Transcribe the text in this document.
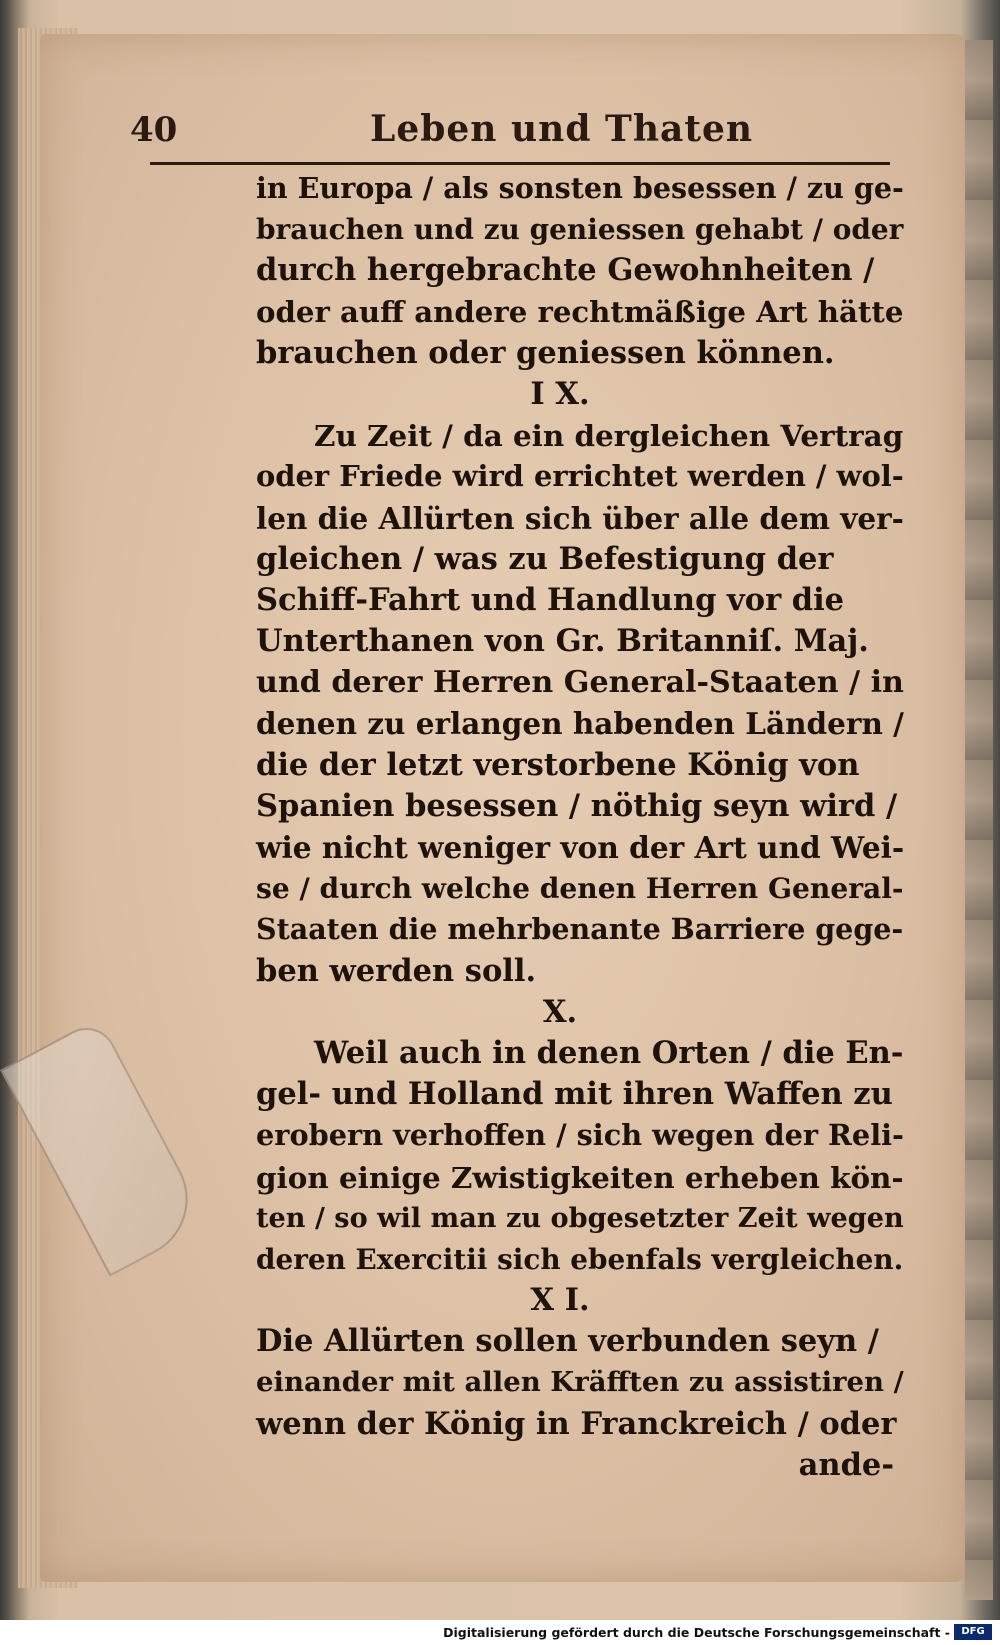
40	Leben und Thaten
in Europa / als sonsten besessen / zu ge-
brauchen und zu geniessen gehabt / oder
durch hergebrachte Gewohnheiten /
oder auff andere rechtmäßige Art hätte
brauchen oder geniessen können.
I X.
Zu Zeit / da ein dergleichen Vertrag
oder Friede wird errichtet werden / wol-
len die Allürten sich über alle dem ver-
gleichen / was zu Befestigung der
Schiff-Fahrt und Handlung vor die
Unterthanen von Gr. Britanniſ. Maj.
und derer Herren General-Staaten / in
denen zu erlangen habenden Ländern /
die der letzt verstorbene König von
Spanien besessen / nöthig seyn wird /
wie nicht weniger von der Art und Wei-
se / durch welche denen Herren General-
Staaten die mehrbenante Barriere gege-
ben werden soll.
X.
Weil auch in denen Orten / die En-
gel- und Holland mit ihren Waffen zu
erobern verhoffen / sich wegen der Reli-
gion einige Zwistigkeiten erheben kön-
ten / so wil man zu obgesetzter Zeit wegen
deren Exercitii sich ebenfals vergleichen.
X I.
Die Allürten sollen verbunden seyn /
einander mit allen Kräfften zu assistiren /
wenn der König in Franckreich / oder
ande-
Digitalisierung gefördert durch die Deutsche Forschungsgemeinschaft -	DFG
